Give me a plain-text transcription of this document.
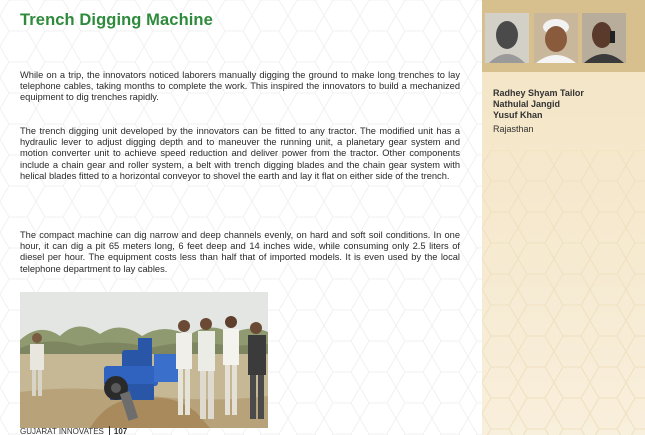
Trench Digging Machine

While on a trip, the innovators noticed laborers manually digging the ground to make long trenches to lay telephone cables, taking months to complete the work. This inspired the innovators to build a mechanized equipment to dig trenches rapidly.

The trench digging unit developed by the innovators can be fitted to any tractor. The modified unit has a hydraulic lever to adjust digging depth and to maneuver the running unit, a planetary gear system and motion converter unit to achieve speed reduction and deliver power from the tractor. Other components include a chain gear and roller system, a belt with trench digging blades and the chain gear system with helical blades fitted to a horizontal conveyor to shovel the earth and lay it flat on either side of the trench.

The compact machine can dig narrow and deep channels evenly, on hard and soft soil conditions. In one hour, it can dig a pit 65 meters long, 6 feet deep and 14 inches wide, while consuming only 2.5 liters of diesel per hour. The equipment costs less than half that of imported models. It is even used by the local telephone department to lay cables.

GUJARAT INNOVATES 107
Radhey Shyam Tailor
Nathulal Jangid
Yusuf Khan
Rajasthan
